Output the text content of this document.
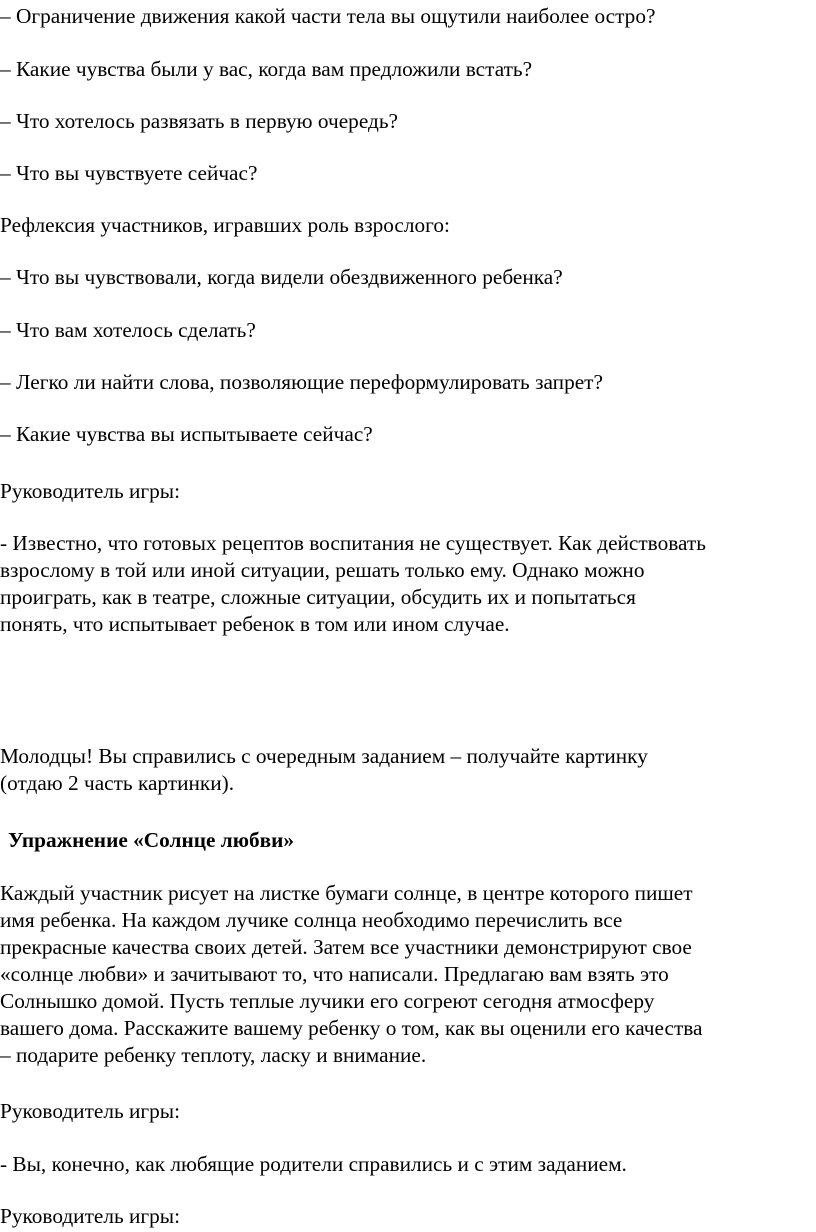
– Ограничение движения какой части тела вы ощутили наиболее остро?

– Какие чувства были у вас, когда вам предложили встать?

– Что хотелось развязать в первую очередь?

– Что вы чувствуете сейчас?

Рефлексия участников, игравших роль взрослого:

– Что вы чувствовали, когда видели обездвиженного ребенка?

– Что вам хотелось сделать?

– Легко ли найти слова, позволяющие переформулировать запрет?

– Какие чувства вы испытываете сейчас?

Руководитель игры:

- Известно, что готовых рецептов воспитания не существует. Как действовать

взрослому в той или иной ситуации, решать только ему. Однако можно

проиграть, как в театре, сложные ситуации, обсудить их и попытаться

понять, что испытывает ребенок в том или ином случае.

Молодцы! Вы справились с очередным заданием – получайте картинку

(отдаю 2 часть картинки).

Упражнение «Солнце любви»

Каждый участник рисует на листке бумаги солнце, в центре которого пишет

имя ребенка. На каждом лучике солнца необходимо перечислить все

прекрасные качества своих детей. Затем все участники демонстрируют свое

«солнце любви» и зачитывают то, что написали. Предлагаю вам взять это

Солнышко домой. Пусть теплые лучики его согреют сегодня атмосферу

вашего дома. Расскажите вашему ребенку о том, как вы оценили его качества

– подарите ребенку теплоту, ласку и внимание.

Руководитель игры:

- Вы, конечно, как любящие родители справились и с этим заданием.

Руководитель игры:
